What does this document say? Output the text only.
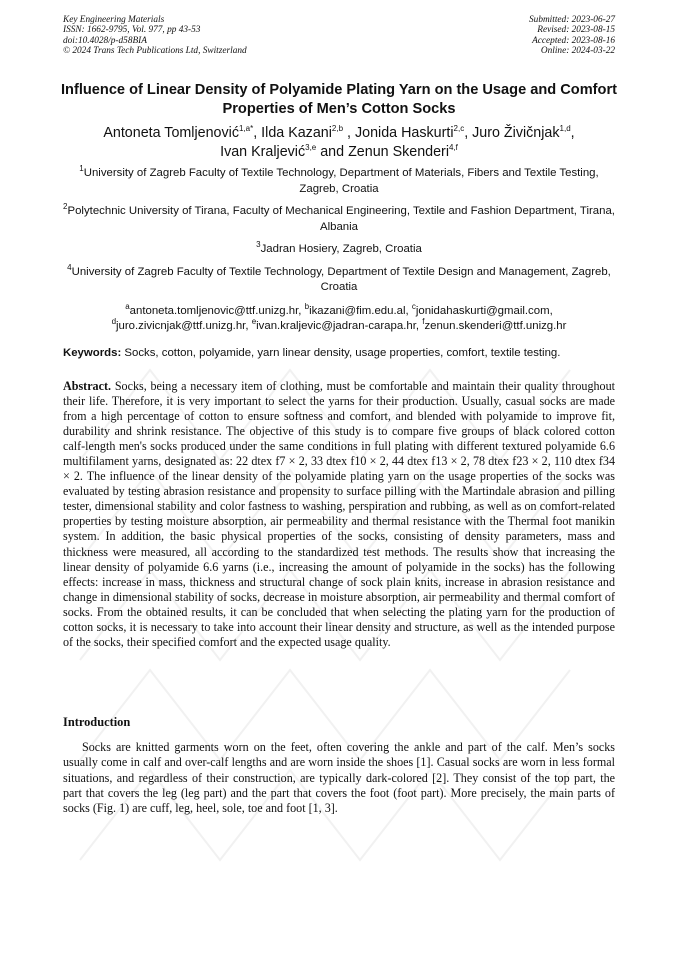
Key Engineering Materials
ISSN: 1662-9795, Vol. 977, pp 43-53
doi:10.4028/p-d58BIA
© 2024 Trans Tech Publications Ltd, Switzerland
Submitted: 2023-06-27
Revised: 2023-08-15
Accepted: 2023-08-16
Online: 2024-03-22
Influence of Linear Density of Polyamide Plating Yarn on the Usage and Comfort Properties of Men’s Cotton Socks
Antoneta Tomljenović$^{1,a*}$, Ilda Kazani$^{2,b}$ , Jonida Haskurti$^{2,c}$, Juro Živičnjak$^{1,d}$,
Ivan Kraljević$^{3,e}$ and Zenun Skenderi$^{4,f}$
$^1$University of Zagreb Faculty of Textile Technology, Department of Materials, Fibers and Textile Testing, Zagreb, Croatia
$^2$Polytechnic University of Tirana, Faculty of Mechanical Engineering, Textile and Fashion Department, Tirana, Albania
$^3$Jadran Hosiery, Zagreb, Croatia
$^4$University of Zagreb Faculty of Textile Technology, Department of Textile Design and Management, Zagreb, Croatia
$^a$antoneta.tomljenovic@ttf.unizg.hr, $^b$ikazani@fim.edu.al, $^c$jonidahaskurti@gmail.com,
$^d$juro.zivicnjak@ttf.unizg.hr, $^e$ivan.kraljevic@jadran-carapa.hr, $^f$zenun.skenderi@ttf.unizg.hr
Keywords: Socks, cotton, polyamide, yarn linear density, usage properties, comfort, textile testing.
Abstract. Socks, being a necessary item of clothing, must be comfortable and maintain their quality throughout their life. Therefore, it is very important to select the yarns for their production. Usually, casual socks are made from a high percentage of cotton to ensure softness and comfort, and blended with polyamide to improve fit, durability and shrink resistance. The objective of this study is to compare five groups of black colored cotton calf-length men's socks produced under the same conditions in full plating with different textured polyamide 6.6 multifilament yarns, designated as: 22 dtex f7 × 2, 33 dtex f10 × 2, 44 dtex f13 × 2, 78 dtex f23 × 2, 110 dtex f34 × 2. The influence of the linear density of the polyamide plating yarn on the usage properties of the socks was evaluated by testing abrasion resistance and propensity to surface pilling with the Martindale abrasion and pilling tester, dimensional stability and color fastness to washing, perspiration and rubbing, as well as on comfort-related properties by testing moisture absorption, air permeability and thermal resistance with the Thermal foot manikin system. In addition, the basic physical properties of the socks, consisting of density parameters, mass and thickness were measured, all according to the standardized test methods. The results show that increasing the linear density of polyamide 6.6 yarns (i.e., increasing the amount of polyamide in the socks) has the following effects: increase in mass, thickness and structural change of sock plain knits, increase in abrasion resistance and change in dimensional stability of socks, decrease in moisture absorption, air permeability and thermal comfort of socks. From the obtained results, it can be concluded that when selecting the plating yarn for the production of cotton socks, it is necessary to take into account their linear density and structure, as well as the intended purpose of the socks, their specified comfort and the expected usage quality.
Introduction

Socks are knitted garments worn on the feet, often covering the ankle and part of the calf. Men’s socks usually come in calf and over-calf lengths and are worn inside the shoes [1]. Casual socks are worn in less formal situations, and regardless of their construction, are typically dark-colored [2]. They consist of the top part, the part that covers the leg (leg part) and the part that covers the foot (foot part). More precisely, the main parts of socks (Fig. 1) are cuff, leg, heel, sole, toe and foot [1, 3].
